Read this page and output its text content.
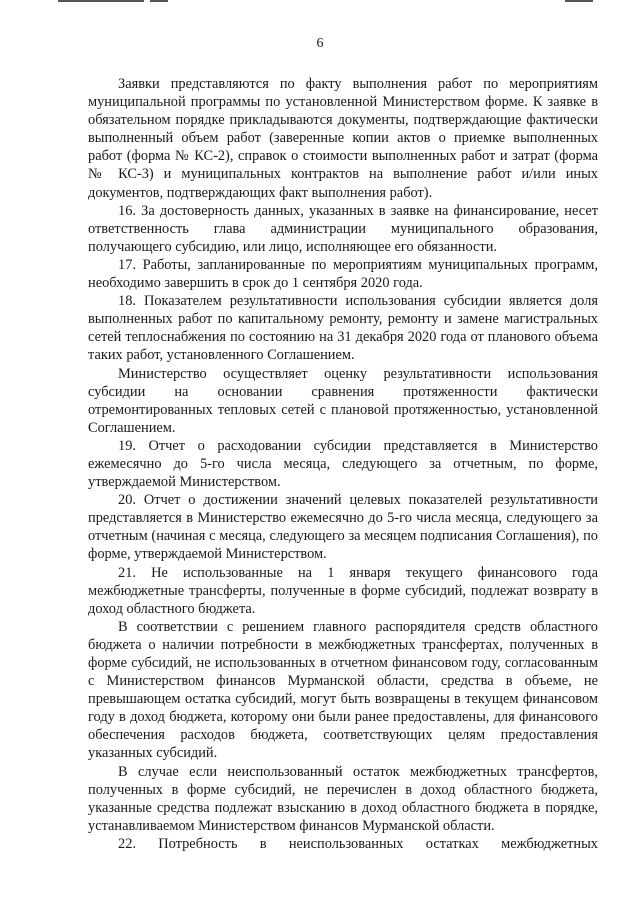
6

Заявки представляются по факту выполнения работ по мероприятиям муниципальной программы по установленной Министерством форме. К заявке в обязательном порядке прикладываются документы, подтверждающие фактически выполненный объем работ (заверенные копии актов о приемке выполненных работ (форма № КС-2), справок о стоимости выполненных работ и затрат (форма № КС-3) и муниципальных контрактов на выполнение работ и/или иных документов, подтверждающих факт выполнения работ).

16. За достоверность данных, указанных в заявке на финансирование, несет ответственность глава администрации муниципального образования, получающего субсидию, или лицо, исполняющее его обязанности.

17. Работы, запланированные по мероприятиям муниципальных программ, необходимо завершить в срок до 1 сентября 2020 года.

18. Показателем результативности использования субсидии является доля выполненных работ по капитальному ремонту, ремонту и замене магистральных сетей теплоснабжения по состоянию на 31 декабря 2020 года от планового объема таких работ, установленного Соглашением.

Министерство осуществляет оценку результативности использования субсидии на основании сравнения протяженности фактически отремонтированных тепловых сетей с плановой протяженностью, установленной Соглашением.

19. Отчет о расходовании субсидии представляется в Министерство ежемесячно до 5-го числа месяца, следующего за отчетным, по форме, утверждаемой Министерством.

20. Отчет о достижении значений целевых показателей результативности представляется в Министерство ежемесячно до 5-го числа месяца, следующего за отчетным (начиная с месяца, следующего за месяцем подписания Соглашения), по форме, утверждаемой Министерством.

21. Не использованные на 1 января текущего финансового года межбюджетные трансферты, полученные в форме субсидий, подлежат возврату в доход областного бюджета.

В соответствии с решением главного распорядителя средств областного бюджета о наличии потребности в межбюджетных трансфертах, полученных в форме субсидий, не использованных в отчетном финансовом году, согласованным с Министерством финансов Мурманской области, средства в объеме, не превышающем остатка субсидий, могут быть возвращены в текущем финансовом году в доход бюджета, которому они были ранее предоставлены, для финансового обеспечения расходов бюджета, соответствующих целям предоставления указанных субсидий.

В случае если неиспользованный остаток межбюджетных трансфертов, полученных в форме субсидий, не перечислен в доход областного бюджета, указанные средства подлежат взысканию в доход областного бюджета в порядке, устанавливаемом Министерством финансов Мурманской области.

22. Потребность в неиспользованных остатках межбюджетных
